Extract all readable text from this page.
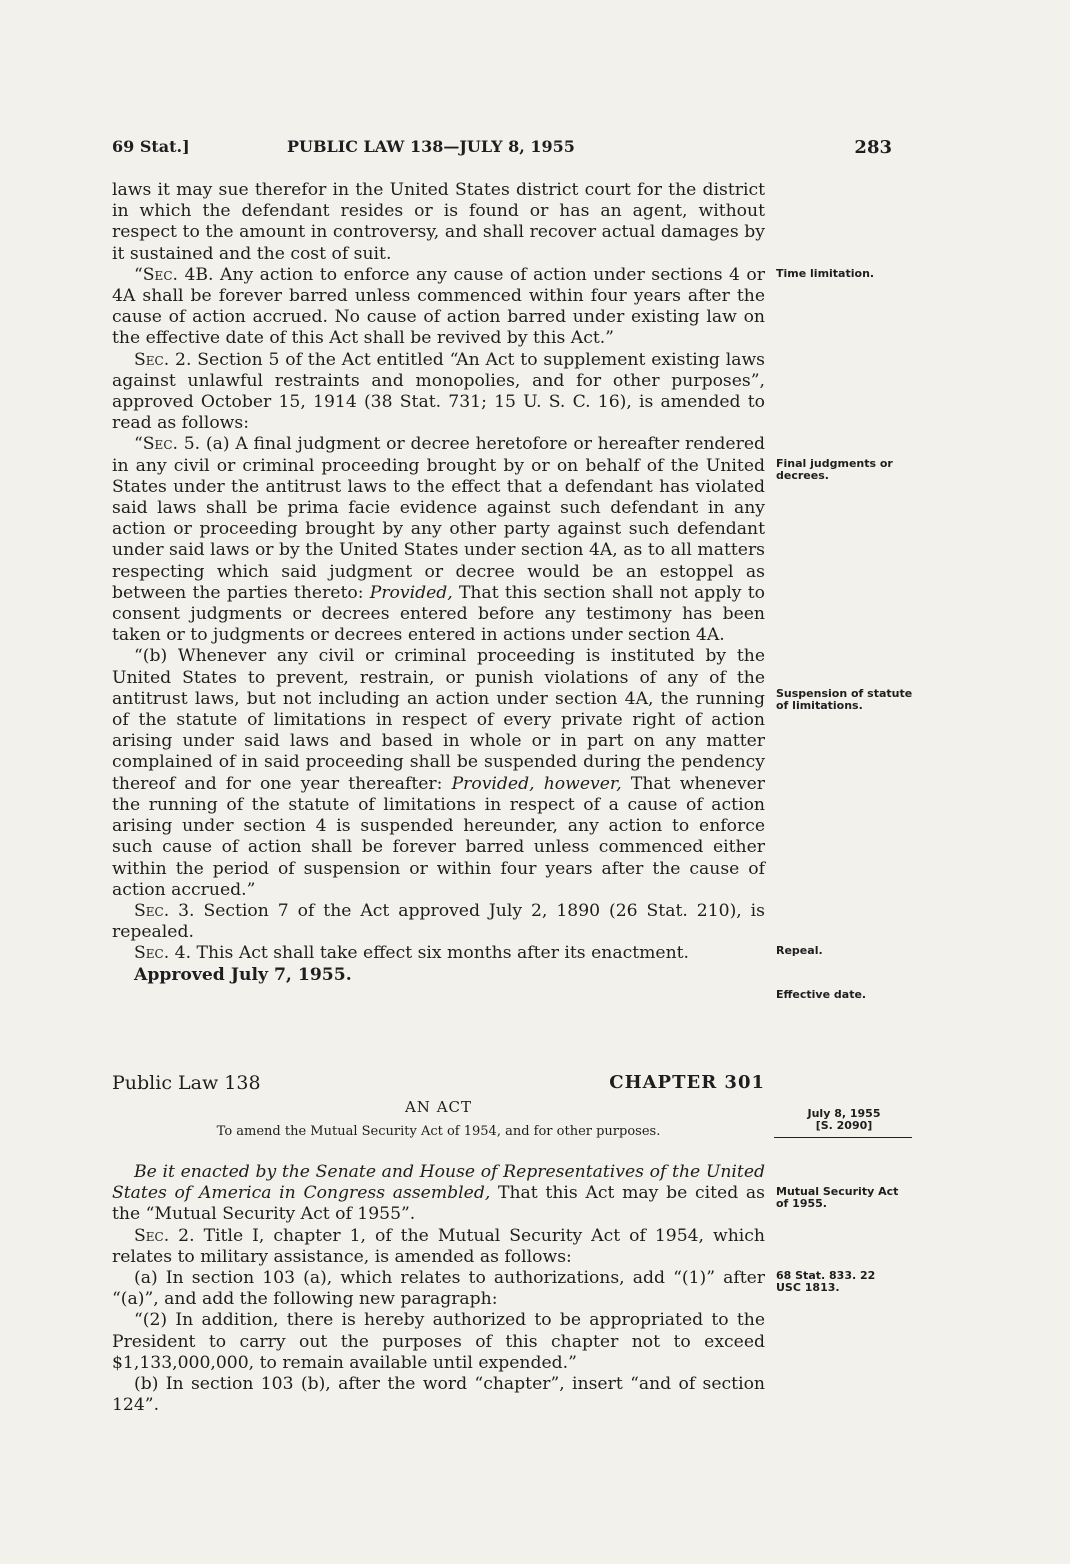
69 Stat.]	PUBLIC LAW 138—JULY 8, 1955	283

laws it may sue therefor in the United States district court for the district in which the defendant resides or is found or has an agent, without respect to the amount in controversy, and shall recover actual damages by it sustained and the cost of suit.

“Sec. 4B. Any action to enforce any cause of action under sections 4 or 4A shall be forever barred unless commenced within four years after the cause of action accrued. No cause of action barred under existing law on the effective date of this Act shall be revived by this Act.”

Sec. 2. Section 5 of the Act entitled “An Act to supplement existing laws against unlawful restraints and monopolies, and for other purposes”, approved October 15, 1914 (38 Stat. 731; 15 U. S. C. 16), is amended to read as follows:

“Sec. 5. (a) A final judgment or decree heretofore or hereafter rendered in any civil or criminal proceeding brought by or on behalf of the United States under the antitrust laws to the effect that a defendant has violated said laws shall be prima facie evidence against such defendant in any action or proceeding brought by any other party against such defendant under said laws or by the United States under section 4A, as to all matters respecting which said judgment or decree would be an estoppel as between the parties thereto: Provided, That this section shall not apply to consent judgments or decrees entered before any testimony has been taken or to judgments or decrees entered in actions under section 4A.

“(b) Whenever any civil or criminal proceeding is instituted by the United States to prevent, restrain, or punish violations of any of the antitrust laws, but not including an action under section 4A, the running of the statute of limitations in respect of every private right of action arising under said laws and based in whole or in part on any matter complained of in said proceeding shall be suspended during the pendency thereof and for one year thereafter: Provided, however, That whenever the running of the statute of limitations in respect of a cause of action arising under section 4 is suspended hereunder, any action to enforce such cause of action shall be forever barred unless commenced either within the period of suspension or within four years after the cause of action accrued.”

Sec. 3. Section 7 of the Act approved July 2, 1890 (26 Stat. 210), is repealed.

Sec. 4. This Act shall take effect six months after its enactment.

Approved July 7, 1955.

Time limitation.
Final judgments or decrees.
Suspension of statute of limitations.
Repeal.
Effective date.
Public Law 138	CHAPTER 301
AN ACT
To amend the Mutual Security Act of 1954, and for other purposes.
July 8, 1955
[S. 2090]

Be it enacted by the Senate and House of Representatives of the United States of America in Congress assembled, That this Act may be cited as the “Mutual Security Act of 1955”.

Sec. 2. Title I, chapter 1, of the Mutual Security Act of 1954, which relates to military assistance, is amended as follows:

(a) In section 103 (a), which relates to authorizations, add “(1)” after “(a)”, and add the following new paragraph:

“(2) In addition, there is hereby authorized to be appropriated to the President to carry out the purposes of this chapter not to exceed $1,133,000,000, to remain available until expended.”

(b) In section 103 (b), after the word “chapter”, insert “and of section 124”.

Mutual Security Act of 1955.
68 Stat. 833. 22 USC 1813.
